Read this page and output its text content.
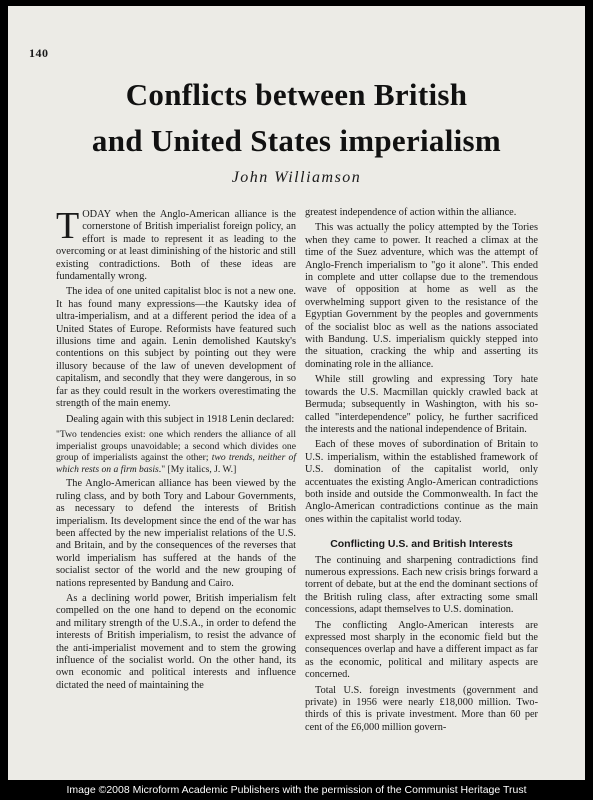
140
Conflicts between British
and United States imperialism
John Williamson

TODAY when the Anglo-American alliance is the cornerstone of British imperialist foreign policy, an effort is made to represent it as leading to the overcoming or at least diminishing of the historic and still existing contradictions. Both of these ideas are fundamentally wrong.

The idea of one united capitalist bloc is not a new one. It has found many expressions—the Kautsky idea of ultra-imperialism, and at a different period the idea of a United States of Europe. Reformists have featured such illusions time and again. Lenin demolished Kautsky's contentions on this subject by pointing out they were illusory because of the law of uneven development of capitalism, and secondly that they were dangerous, in so far as they could result in the workers overestimating the strength of the main enemy.

Dealing again with this subject in 1918 Lenin declared:

"Two tendencies exist: one which renders the alliance of all imperialist groups unavoidable; a second which divides one group of imperialists against the other; two trends, neither of which rests on a firm basis." [My italics, J. W.]

The Anglo-American alliance has been viewed by the ruling class, and by both Tory and Labour Governments, as necessary to defend the interests of British imperialism. Its development since the end of the war has been affected by the new imperialist relations of the U.S. and Britain, and by the consequences of the reverses that world imperialism has suffered at the hands of the socialist sector of the world and the new grouping of nations represented by Bandung and Cairo.

As a declining world power, British imperialism felt compelled on the one hand to depend on the economic and military strength of the U.S.A., in order to defend the interests of British imperialism, to resist the advance of the anti-imperialist movement and to stem the growing influence of the socialist world. On the other hand, its own economic and political interests and influence dictated the need of maintaining the

greatest independence of action within the alliance.

This was actually the policy attempted by the Tories when they came to power. It reached a climax at the time of the Suez adventure, which was the attempt of Anglo-French imperialism to "go it alone". This ended in complete and utter collapse due to the tremendous wave of opposition at home as well as the overwhelming support given to the resistance of the Egyptian Government by the peoples and governments of the socialist bloc as well as the nations associated with Bandung. U.S. imperialism quickly stepped into the situation, cracking the whip and asserting its dominating role in the alliance.

While still growling and expressing Tory hate towards the U.S. Macmillan quickly crawled back at Bermuda; subsequently in Washington, with his so-called "interdependence" policy, he further sacrificed the interests and the national independence of Britain.

Each of these moves of subordination of Britain to U.S. imperialism, within the established framework of U.S. domination of the capitalist world, only accentuates the existing Anglo-American contradictions both inside and outside the Commonwealth. In fact the Anglo-American contradictions continue as the main ones within the capitalist world today.

Conflicting U.S. and British Interests

The continuing and sharpening contradictions find numerous expressions. Each new crisis brings forward a torrent of debate, but at the end the dominant sections of the British ruling class, after extracting some small concessions, adapt themselves to U.S. domination.

The conflicting Anglo-American interests are expressed most sharply in the economic field but the consequences overlap and have a different impact as far as the economic, political and military aspects are concerned.

Total U.S. foreign investments (government and private) in 1956 were nearly £18,000 million. Two-thirds of this is private investment. More than 60 per cent of the £6,000 million govern-

Image ©2008 Microform Academic Publishers with the permission of the Communist Heritage Trust
